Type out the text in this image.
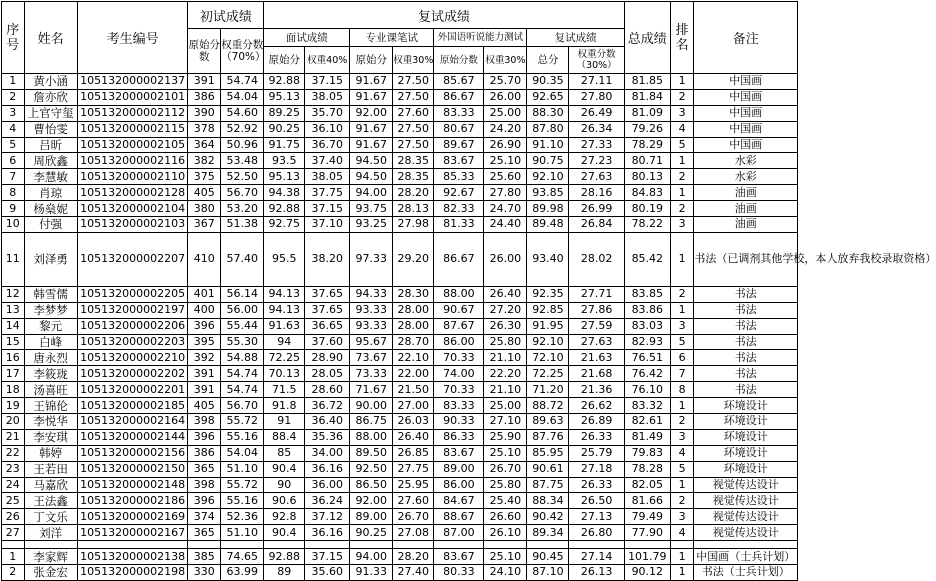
序号	姓名	考生编号	初试成绩		复试成绩								总成绩	排名	备注
			原始分数	权重分数（70%）	面试成绩		专业课笔试		外国语听说能力测试		复试成绩				
					原始分	权重40%	原始分	权重30%	原始分数	权重30%	总分	权重分数（30%）			
1	黄小涵	105132000002137	391	54.74	92.88	37.15	91.67	27.50	85.67	25.70	90.35	27.11	81.85	1	中国画
2	詹亦欣	105132000002101	386	54.04	95.13	38.05	91.67	27.50	86.67	26.00	92.65	27.80	81.84	2	中国画
3	上官守玺	105132000002112	390	54.60	89.25	35.70	92.00	27.60	83.33	25.00	88.30	26.49	81.09	3	中国画
4	曹怡雯	105132000002115	378	52.92	90.25	36.10	91.67	27.50	80.67	24.20	87.80	26.34	79.26	4	中国画
5	吕昕	105132000002105	364	50.96	91.75	36.70	91.67	27.50	89.67	26.90	91.10	27.33	78.29	5	中国画
6	周欣鑫	105132000002116	382	53.48	93.5	37.40	94.50	28.35	83.67	25.10	90.75	27.23	80.71	1	水彩
7	李慧敏	105132000002110	375	52.50	95.13	38.05	94.50	28.35	85.33	25.60	92.10	27.63	80.13	2	水彩
8	肖琼	105132000002128	405	56.70	94.38	37.75	94.00	28.20	92.67	27.80	93.85	28.16	84.83	1	油画
9	杨燊妮	105132000002104	380	53.20	92.88	37.15	93.75	28.13	82.33	24.70	89.98	26.99	80.19	2	油画
10	付强	105132000002103	367	51.38	92.75	37.10	93.25	27.98	81.33	24.40	89.48	26.84	78.22	3	油画
11	刘泽勇	105132000002207	410	57.40	95.5	38.20	97.33	29.20	86.67	26.00	93.40	28.02	85.42	1	书法（已调剂其他学校，本人放弃我校录取资格）
12	韩雪儒	105132000002205	401	56.14	94.13	37.65	94.33	28.30	88.00	26.40	92.35	27.71	83.85	2	书法
13	李梦梦	105132000002197	400	56.00	94.13	37.65	93.33	28.00	90.67	27.20	92.85	27.86	83.86	1	书法
14	黎元	105132000002206	396	55.44	91.63	36.65	93.33	28.00	87.67	26.30	91.95	27.59	83.03	3	书法
15	白峰	105132000002203	395	55.30	94	37.60	95.67	28.70	86.00	25.80	92.10	27.63	82.93	5	书法
16	唐永烈	105132000002210	392	54.88	72.25	28.90	73.67	22.10	70.33	21.10	72.10	21.63	76.51	6	书法
17	李筱珑	105132000002202	391	54.74	70.13	28.05	73.33	22.00	74.00	22.20	72.25	21.68	76.42	7	书法
18	汤喜旺	105132000002201	391	54.74	71.5	28.60	71.67	21.50	70.33	21.10	71.20	21.36	76.10	8	书法
19	王锦伦	105132000002185	405	56.70	91.8	36.72	90.00	27.00	83.33	25.00	88.72	26.62	83.32	1	环境设计
20	李悦华	105132000002164	398	55.72	91	36.40	86.75	26.03	90.33	27.10	89.63	26.89	82.61	2	环境设计
21	李安琪	105132000002144	396	55.16	88.4	35.36	88.00	26.40	86.33	25.90	87.76	26.33	81.49	3	环境设计
22	韩婷	105132000002156	386	54.04	85	34.00	89.50	26.85	83.67	25.10	85.95	25.79	79.83	4	环境设计
23	王若田	105132000002150	365	51.10	90.4	36.16	92.50	27.75	89.00	26.70	90.61	27.18	78.28	5	环境设计
24	马嘉欣	105132000002148	398	55.72	90	36.00	86.50	25.95	86.00	25.80	87.75	26.33	82.05	1	视觉传达设计
25	王法鑫	105132000002186	396	55.16	90.6	36.24	92.00	27.60	84.67	25.40	88.34	26.50	81.66	2	视觉传达设计
26	丁文乐	105132000002169	374	52.36	92.8	37.12	89.00	26.70	88.67	26.60	90.42	27.13	79.49	3	视觉传达设计
27	刘洋	105132000002167	365	51.10	90.4	36.16	90.25	27.08	87.00	26.10	89.34	26.80	77.90	4	视觉传达设计

1	李家辉	105132000002138	385	74.65	92.88	37.15	94.00	28.20	83.67	25.10	90.45	27.14	101.79	1	中国画（士兵计划）
2	张金宏	105132000002198	330	63.99	89	35.60	91.33	27.40	80.33	24.10	87.10	26.13	90.12	1	书法（士兵计划）
